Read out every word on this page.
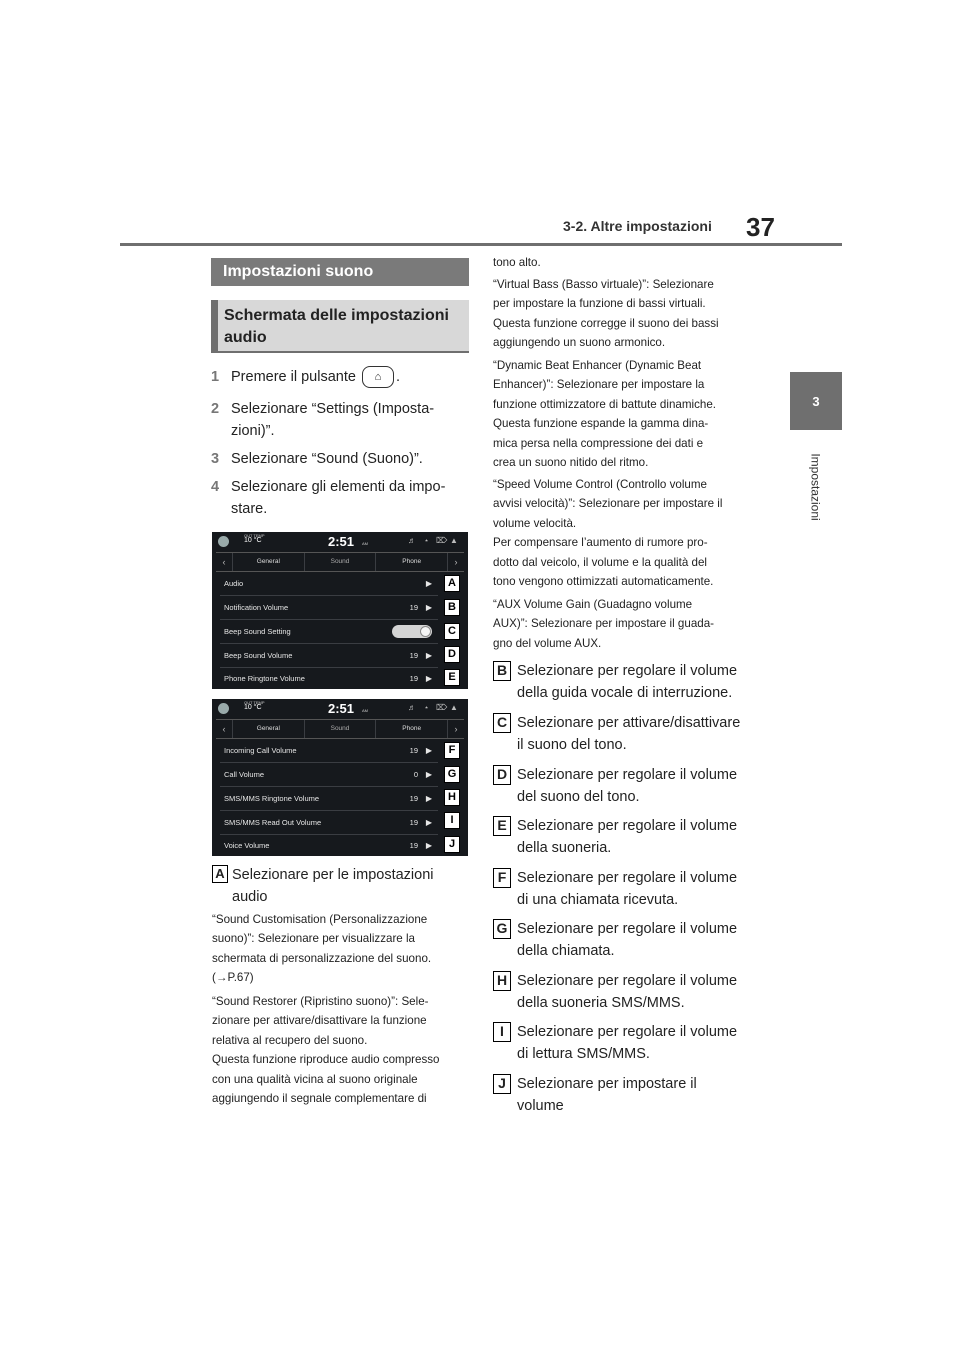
3-2. Altre impostazioni 37
3
Impostazioni
Impostazioni suono
Schermata delle impostazioni
audio
1 Premere il pulsante ⌂ .
2 Selezionare “Settings (Imposta-
zioni)”.
3 Selezionare “Sound (Suono)”.
4 Selezionare gli elementi da impo-
stare.
OUT TEMP
10 °C	2:51 AM	♬ ⋆ ⌦ ▲
‹	General	Sound	Phone	›
Audio	▶	A
Notification Volume	19 ▶	B
Beep Sound Setting	C
Beep Sound Volume	19 ▶	D
Phone Ringtone Volume	19 ▶	E
OUT TEMP
10 °C	2:51 AM	♬ ⋆ ⌦ ▲
‹	General	Sound	Phone	›
Incoming Call Volume	19 ▶	F
Call Volume	0 ▶	G
SMS/MMS Ringtone Volume	19 ▶	H
SMS/MMS Read Out Volume	19 ▶	I
Voice Volume	19 ▶	J
A Selezionare per le impostazioni
audio
“Sound Customisation (Personalizzazione
suono)”: Selezionare per visualizzare la
schermata di personalizzazione del suono.
(→P.67)
“Sound Restorer (Ripristino suono)”: Sele-
zionare per attivare/disattivare la funzione
relativa al recupero del suono.
Questa funzione riproduce audio compresso
con una qualità vicina al suono originale
aggiungendo il segnale complementare di
tono alto.
“Virtual Bass (Basso virtuale)”: Selezionare
per impostare la funzione di bassi virtuali.
Questa funzione corregge il suono dei bassi
aggiungendo un suono armonico.
“Dynamic Beat Enhancer (Dynamic Beat
Enhancer)”: Selezionare per impostare la
funzione ottimizzatore di battute dinamiche.
Questa funzione espande la gamma dina-
mica persa nella compressione dei dati e
crea un suono nitido del ritmo.
“Speed Volume Control (Controllo volume
avvisi velocità)”: Selezionare per impostare il
volume velocità.
Per compensare l’aumento di rumore pro-
dotto dal veicolo, il volume e la qualità del
tono vengono ottimizzati automaticamente.
“AUX Volume Gain (Guadagno volume
AUX)”: Selezionare per impostare il guada-
gno del volume AUX.
B Selezionare per regolare il volume
della guida vocale di interruzione.
C Selezionare per attivare/disattivare
il suono del tono.
D Selezionare per regolare il volume
del suono del tono.
E Selezionare per regolare il volume
della suoneria.
F Selezionare per regolare il volume
di una chiamata ricevuta.
G Selezionare per regolare il volume
della chiamata.
H Selezionare per regolare il volume
della suoneria SMS/MMS.
I Selezionare per regolare il volume
di lettura SMS/MMS.
J Selezionare per impostare il volume
